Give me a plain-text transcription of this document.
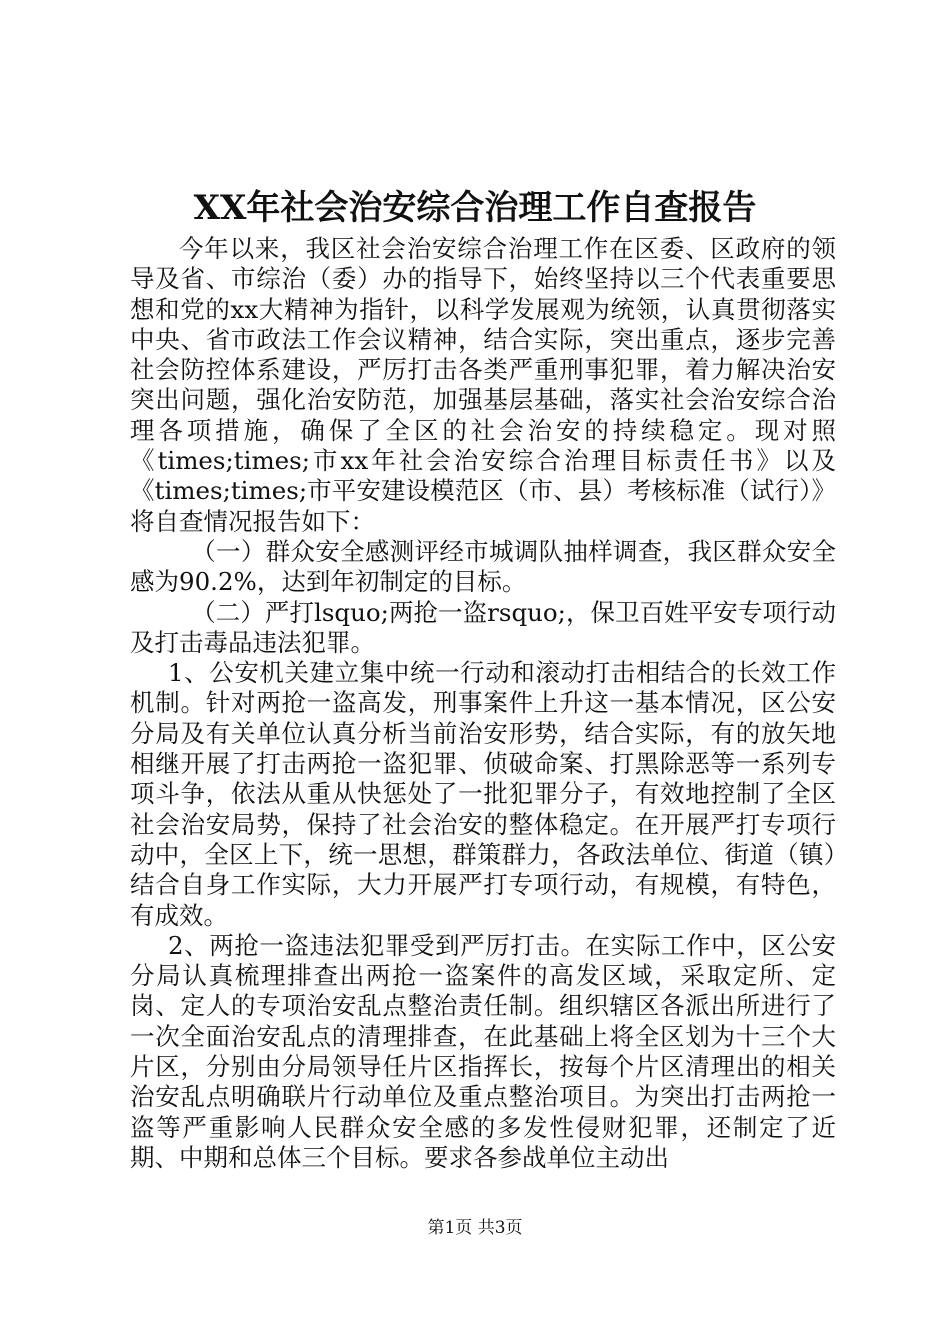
XX年社会治安综合治理工作自查报告

今年以来，我区社会治安综合治理工作在区委、区政府的领导及省、市综治（委）办的指导下，始终坚持以三个代表重要思想和党的xx大精神为指针，以科学发展观为统领，认真贯彻落实中央、省市政法工作会议精神，结合实际，突出重点，逐步完善社会防控体系建设，严厉打击各类严重刑事犯罪，着力解决治安突出问题，强化治安防范，加强基层基础，落实社会治安综合治理各项措施，确保了全区的社会治安的持续稳定。现对照《times;times;市xx年社会治安综合治理目标责任书》以及《times;times;市平安建设模范区（市、县）考核标准（试行）》将自查情况报告如下：

（一）群众安全感测评经市城调队抽样调查，我区群众安全感为90.2%，达到年初制定的目标。

（二）严打lsquo;两抢一盗rsquo;，保卫百姓平安专项行动及打击毒品违法犯罪。

1、公安机关建立集中统一行动和滚动打击相结合的长效工作机制。针对两抢一盗高发，刑事案件上升这一基本情况，区公安分局及有关单位认真分析当前治安形势，结合实际，有的放矢地相继开展了打击两抢一盗犯罪、侦破命案、打黑除恶等一系列专项斗争，依法从重从快惩处了一批犯罪分子，有效地控制了全区社会治安局势，保持了社会治安的整体稳定。在开展严打专项行动中，全区上下，统一思想，群策群力，各政法单位、街道（镇）结合自身工作实际，大力开展严打专项行动，有规模，有特色，有成效。

2、两抢一盗违法犯罪受到严厉打击。在实际工作中，区公安分局认真梳理排查出两抢一盗案件的高发区域，采取定所、定岗、定人的专项治安乱点整治责任制。组织辖区各派出所进行了一次全面治安乱点的清理排查，在此基础上将全区划为十三个大片区，分别由分局领导任片区指挥长，按每个片区清理出的相关治安乱点明确联片行动单位及重点整治项目。为突出打击两抢一盗等严重影响人民群众安全感的多发性侵财犯罪，还制定了近期、中期和总体三个目标。要求各参战单位主动出

第1页 共3页
